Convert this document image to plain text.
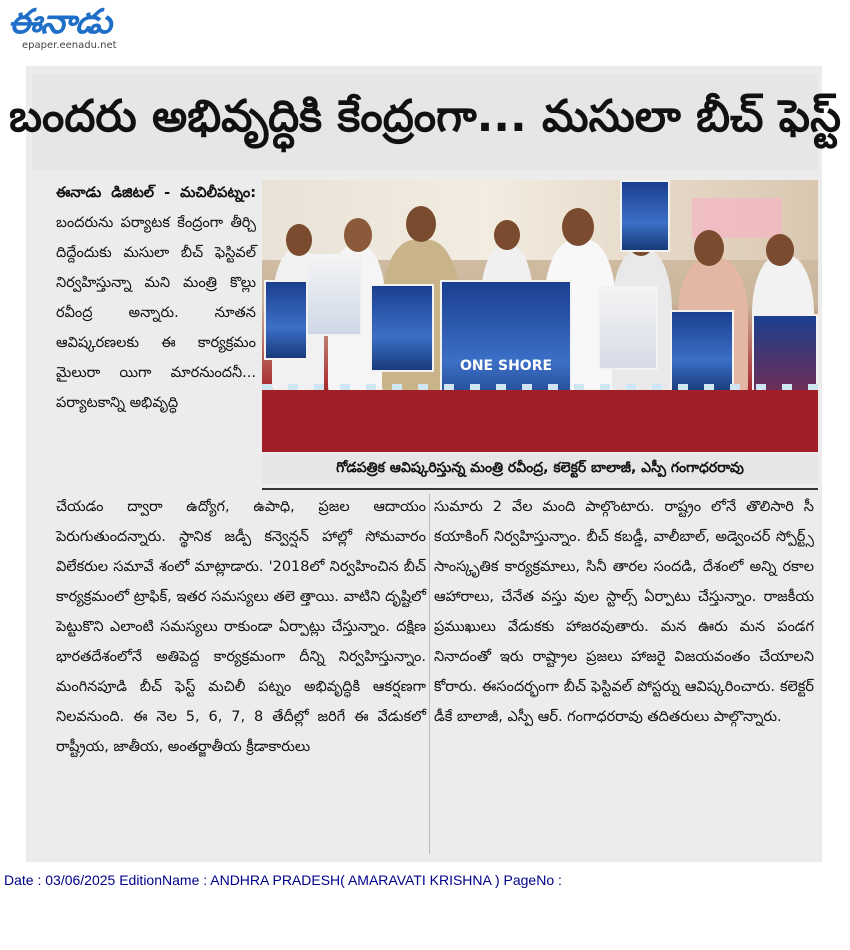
ఈనాడు
epaper.eenadu.net
బందరు అభివృద్ధికి కేంద్రంగా... మసులా బీచ్ ఫెస్ట్

ఈనాడు డిజిటల్ - మచిలీపట్నం: బందరును పర్యాటక కేంద్రంగా తీర్చి దిద్దేందుకు మసులా బీచ్ ఫెస్టివల్ నిర్వహిస్తున్నా మని మంత్రి కొల్లు రవీంద్ర అన్నారు. నూతన ఆవిష్కరణలకు ఈ కార్యక్రమం మైలురా యిగా మారనుందనీ... పర్యాటకాన్ని అభివృద్ధి

ONE SHORE
గోడపత్రిక ఆవిష్కరిస్తున్న మంత్రి రవీంద్ర, కలెక్టర్ బాలాజీ, ఎస్పీ గంగాధరరావు

చేయడం ద్వారా ఉద్యోగ, ఉపాధి, ప్రజల ఆదాయం పెరుగుతుందన్నారు. స్థానిక జడ్పీ కన్వెన్షన్ హాల్లో సోమవారం విలేకరుల సమావే శంలో మాట్లాడారు. '2018లో నిర్వహించిన బీచ్ కార్యక్రమంలో ట్రాఫిక్, ఇతర సమస్యలు తలె త్తాయి. వాటిని దృష్టిలో పెట్టుకొని ఎలాంటి సమస్యలు రాకుండా ఏర్పాట్లు చేస్తున్నాం. దక్షిణ భారతదేశంలోనే అతిపెద్ద కార్యక్రమంగా దీన్ని నిర్వహిస్తున్నాం. మంగినపూడి బీచ్ ఫెస్ట్ మచిలీ పట్నం అభివృద్ధికి ఆకర్షణగా నిలవనుంది. ఈ నెల 5, 6, 7, 8 తేదీల్లో జరిగే ఈ వేడుకలో రాష్ట్రీయ, జాతీయ, అంతర్జాతీయ క్రీడాకారులు

సుమారు 2 వేల మంది పాల్గొంటారు. రాష్ట్రం లోనే తొలిసారి సీ కయాకింగ్ నిర్వహిస్తున్నాం. బీచ్ కబడ్డీ, వాలీబాల్, అడ్వెంచర్ స్పోర్ట్స్ సాంస్కృతిక కార్యక్రమాలు, సినీ తారల సందడి, దేశంలో అన్ని రకాల ఆహారాలు, చేనేత వస్తు వుల స్టాల్స్ ఏర్పాటు చేస్తున్నాం. రాజకీయ ప్రముఖులు వేడుకకు హాజరవుతారు. మన ఊరు మన పండగ నినాదంతో ఇరు రాష్ట్రాల ప్రజలు హాజరై విజయవంతం చేయాలని కోరారు. ఈసందర్భంగా బీచ్ ఫెస్టివల్ పోస్టర్ను ఆవిష్కరించారు. కలెక్టర్ డీకే బాలాజీ, ఎస్పీ ఆర్. గంగాధరరావు తదితరులు పాల్గొన్నారు.

Date : 03/06/2025 EditionName : ANDHRA PRADESH( AMARAVATI KRISHNA ) PageNo :
